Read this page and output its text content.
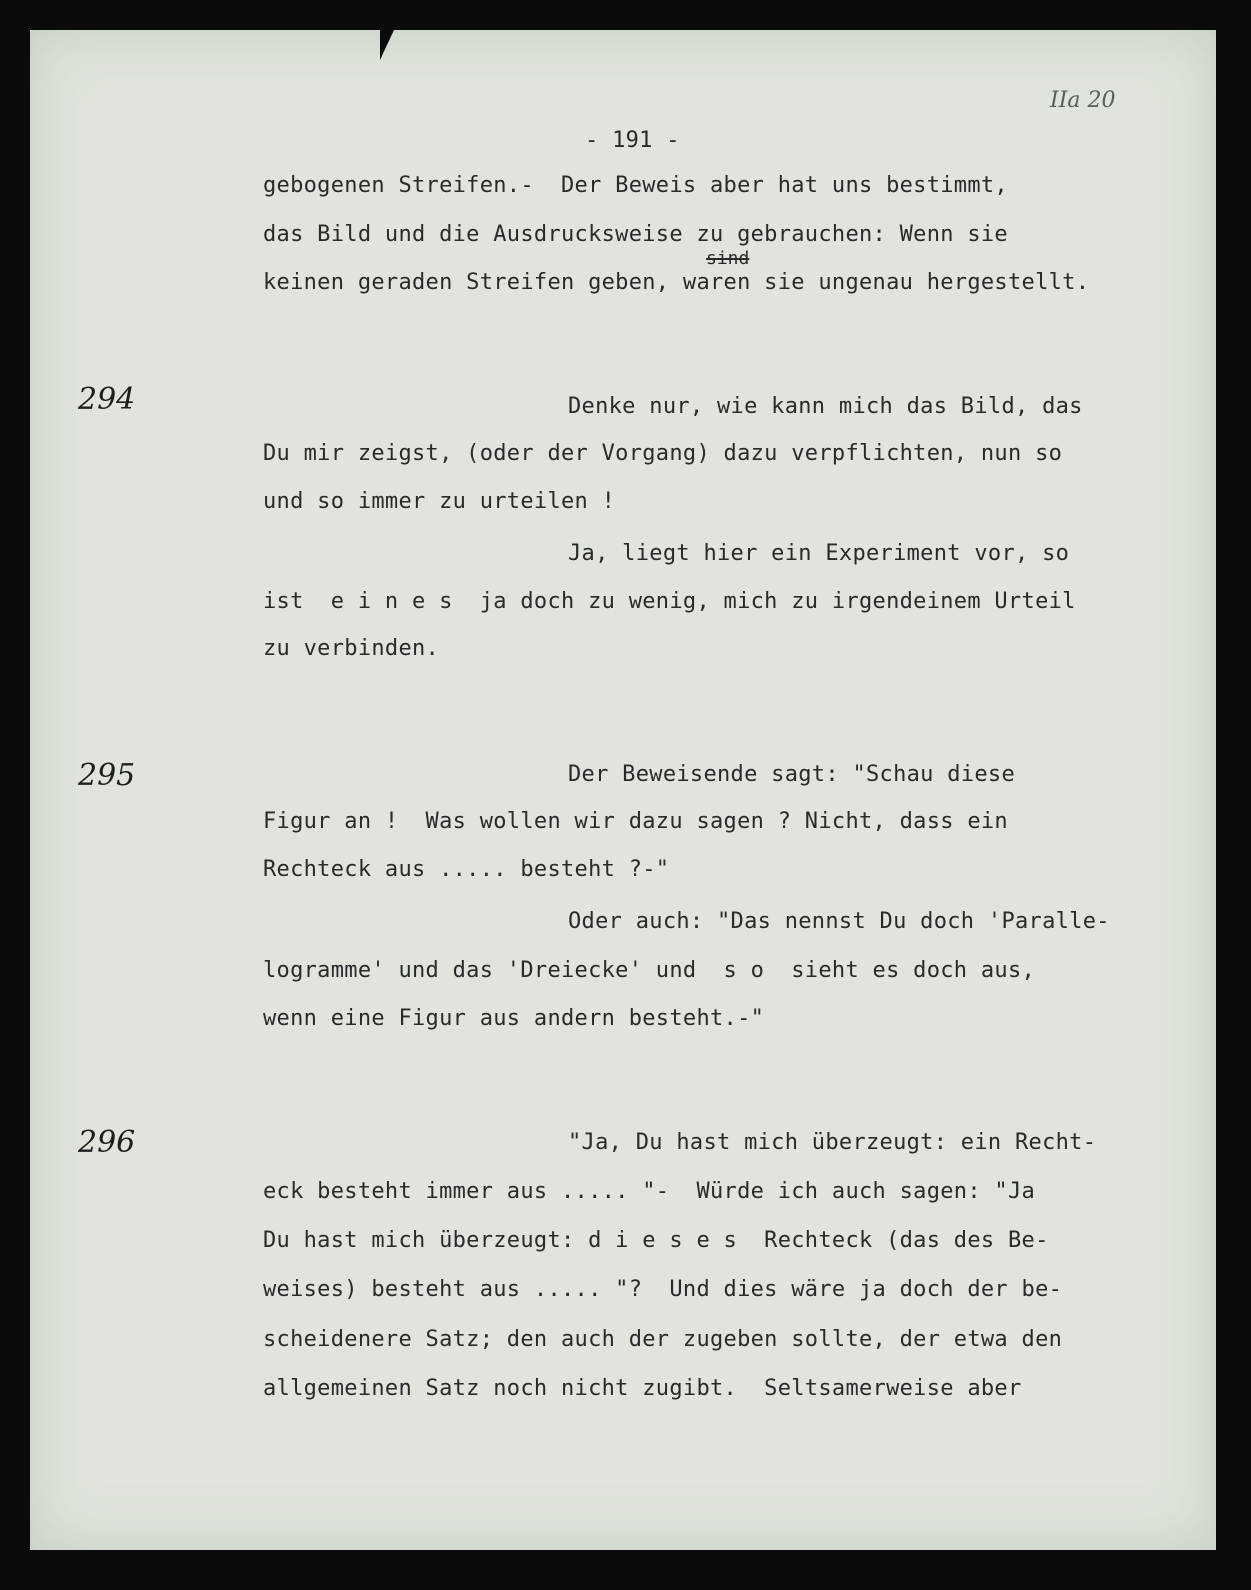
IIa 20
- 191 -
gebogenen Streifen.-  Der Beweis aber hat uns bestimmt,
sind
das Bild und die Ausdrucksweise zu gebrauchen: Wenn sie
keinen geraden Streifen geben, waren sie ungenau hergestellt.
294	Denke nur, wie kann mich das Bild, das
Du mir zeigst, (oder der Vorgang) dazu verpflichten, nun so
und so immer zu urteilen !
Ja, liegt hier ein Experiment vor, so
ist  e i n e s  ja doch zu wenig, mich zu irgendeinem Urteil
zu verbinden.
295	Der Beweisende sagt: "Schau diese
Figur an !  Was wollen wir dazu sagen ? Nicht, dass ein
Rechteck aus ..... besteht ?-"
Oder auch: "Das nennst Du doch 'Paralle-
logramme' und das 'Dreiecke' und  s o  sieht es doch aus,
wenn eine Figur aus andern besteht.-"
296	"Ja, Du hast mich überzeugt: ein Recht-
eck besteht immer aus ..... "-  Würde ich auch sagen: "Ja
Du hast mich überzeugt: d i e s e s  Rechteck (das des Be-
weises) besteht aus ..... "?  Und dies wäre ja doch der be-
scheidenere Satz; den auch der zugeben sollte, der etwa den
allgemeinen Satz noch nicht zugibt.  Seltsamerweise aber
